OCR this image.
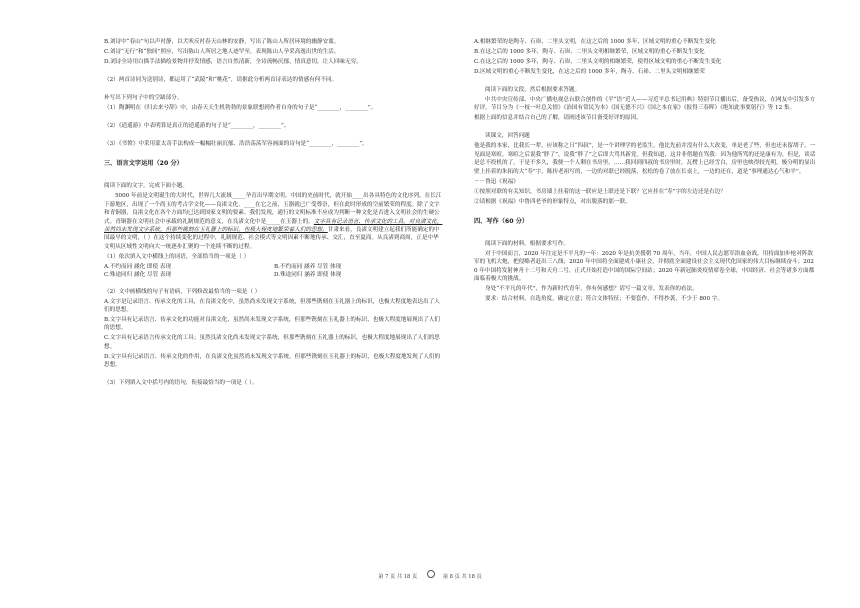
B.刘诗中“春山”句以声衬静，以犬吠反衬春天山林的安静，写出了陈山人所居环境的幽静安谧。

C.刘诗“无行”和“独间”照应，写出陈山人所居之地人迹罕至，表现陈山人孕采高逸出世的生活。

D.刘诗全诗用白描手法描绘景物并抒发情感，语言自然清新，全诗流畅沉郁，情真意切，让人回味无穷。

（2）两首诗同为送别诗，都运用了“武陵”和“桃花”，请据此分析两首诗表达的情感有何不同。

补写出下列句子中的空缺部分。

（1）陶渊明在《归去来兮辞》中，由春天天生机勃勃的景象联想到作者自身的句子是“________，________”。

（2）《逍遥游》中表明算是真正的逍遥游的句子是“________，________”。

（3）《书愤》中采用蒙太奇手法构成一幅幅壮丽沉郁、浩浩荡荡军容画面的诗句是“________，________”。

三、语言文字运用（20 分）

阅读下面的文字，完成下面小题。

5000 年前是文明诞生的大时代，世界几大流域_____孕育出早期文明。中国的史前时代，就开始____出各具特色的文化序列。在长江下游地区，出现了一个尚玉的考古学文化——良渚文化。____在它之前，玉器就已广受尊崇，但在此时形成的空前繁荣的程度。除了文字和青铜器，良渚文化在各个方面均已达到国家文明的要素。我们发现，通行的文明标准不应成为判断一种文化是否进入文明社会的生硬公式。青铜器在文明社会中承载的礼制规范的意义，在良渚文化中是_____在玉器上的。文字具有记录语言、传承文化的工具，对良渚文化，虽然尚未发现文字系统，但那些镌刻在玉礼器上的标识，也极大程度地繁荣着人们的思想。甘肃来看，良渚文明建立起我们所能确定的中国最早的文明，（ ）在这个持续变化的过程中，礼制规范、社会模式等文明因素不断地传承、交汇，直至夏商。从良渚到商周，正是中华文明从区域性文明向大一统逐步汇聚的一个连续不断的过程。

（1）依次填入文中横线上的词语，全部恰当的一项是（ ）

A.不约而同 涵化 即使 表现	B.不约而同 涵养 尽管 体现
C.殊途同归 涵化 尽管 表现	D.殊途同归 涵养 即使 体现

（2）文中画横线的句子有语病，下列修改最恰当的一项是（ ）

A.文字是记录语言、传承文化的工具，在良渚文化中，虽然尚未发现文字系统，但那些镌刻在玉礼器上的标识，也极大程度地表达出了人们的思想。

B.文字具有记录语言、传承文化的功能对良渚文化，虽然尚未发现文字系统，但那些镌刻在玉礼器上的标识，也极大程度地展现出了人们的思想。

C.文字具有记录语言传承文化的工具；虽然良渚文化尚未发现文字系统，但那些镌刻在玉礼器上的标识，也极大程度地展现出了人们的思想。

D.文字具有记录语言、传承文化的作用，在良渚文化虽然尚未发现文字系统，但那些镌刻在玉礼器上的标识，也极大程度地发现了人们的思想。

（3）下列填入文中括号内的语句，衔接最恰当的一项是（ ）。

A.相继繁荣的是陶寺、石峁、二里头文明，在这之后的 1000 多年，区域文明的重心不断发生变化

B.在这之后的 1000 多年，陶寺、石峁、二里头文明相继繁荣，区域文明的重心不断发生变化

C.在这之后的 1000 多年，陶寺、石峁、二里头文明的相继繁荣，使得区域文明的重心不断发生变化

D.区域文明的重心不断发生变化，在这之后的 1000 多年，陶寺、石峁、二里头文明相继繁荣

阅读下面的文段，然后根据要求答题。

中共中央宣传部、中央广播电视总台联合创作的《平“语”近人——习近平总书记用典》特别节目播出后，备受热议，在网友中引发多方好评。节目分为《一枝一叶总关情》《治国有常民为本》《国无德不兴》《国之本在家》《报得三春晖》《绝知此事要躬行》等 12 集。

根据上面的信息并结合自己的了解，请阐述该节目备受好评的原因。

读课文，回答问题

他是我的本家，比我长一辈，应该称之曰“四叔”，是一个讲理学的老监生。他比先前并没有什么大改变，单是老了些，但也还未留胡子，一见面是寒暄，寒暄之后说我“胖了”，说我“胖了”之后即大骂其新党。但我知道，这并非借题在骂我：因为他所骂的还是康有为。但是，谈话是总不投机的了，于是不多久，我便一个人剩在书房里。……我回到四叔的书房里时，瓦楞上已经雪白，房里也映得较光明，极分明的显出壁上挂着的朱拓的大“寿”字，陈抟老祖写的，一边的对联已经脱落，松松的卷了放在长桌上，一边的还在，道是“事理通达心气和平”。

－－鲁迅《祝福》

①按照对联的有关知识，书房墙上挂着的这一联应是上联还是下联？它应挂在“寿”字的左边还是右边？

②请根据《祝福》中鲁四老爷的形象特点，对出脱落的那一联。

四、写作（60 分）

阅读下面的材料，根据要求写作。

对于中国而言，2020 年注定是不平凡的一年：2020 年是抗美援朝 70 周年，当年，中国人民志愿军浴血奋战，用持面加步枪对阵敌军的飞机大炮，把侵略者赶出三八线；2020 年中国将全面建成小康社会，并彻底全面建设社会主义现代化国家的伟大目标继续奋斗；2020 年中国将发射神舟十二号和天舟二号，正式开始打造中国的国际空间站；2020 年新冠肺炎疫情席卷全球，中国经济、社会等诸多方面都面临着极大的挑战。

身处“不平凡的年代”，作为新时代青年，你有何感想？请写一篇文章，发表你的看法。

要求：结合材料，自选角度，确定立意；符合文体特征；不要套作，不得抄袭，不少于 800 字。

第 7 页 共 18 页	第 8 页 共 18 页
